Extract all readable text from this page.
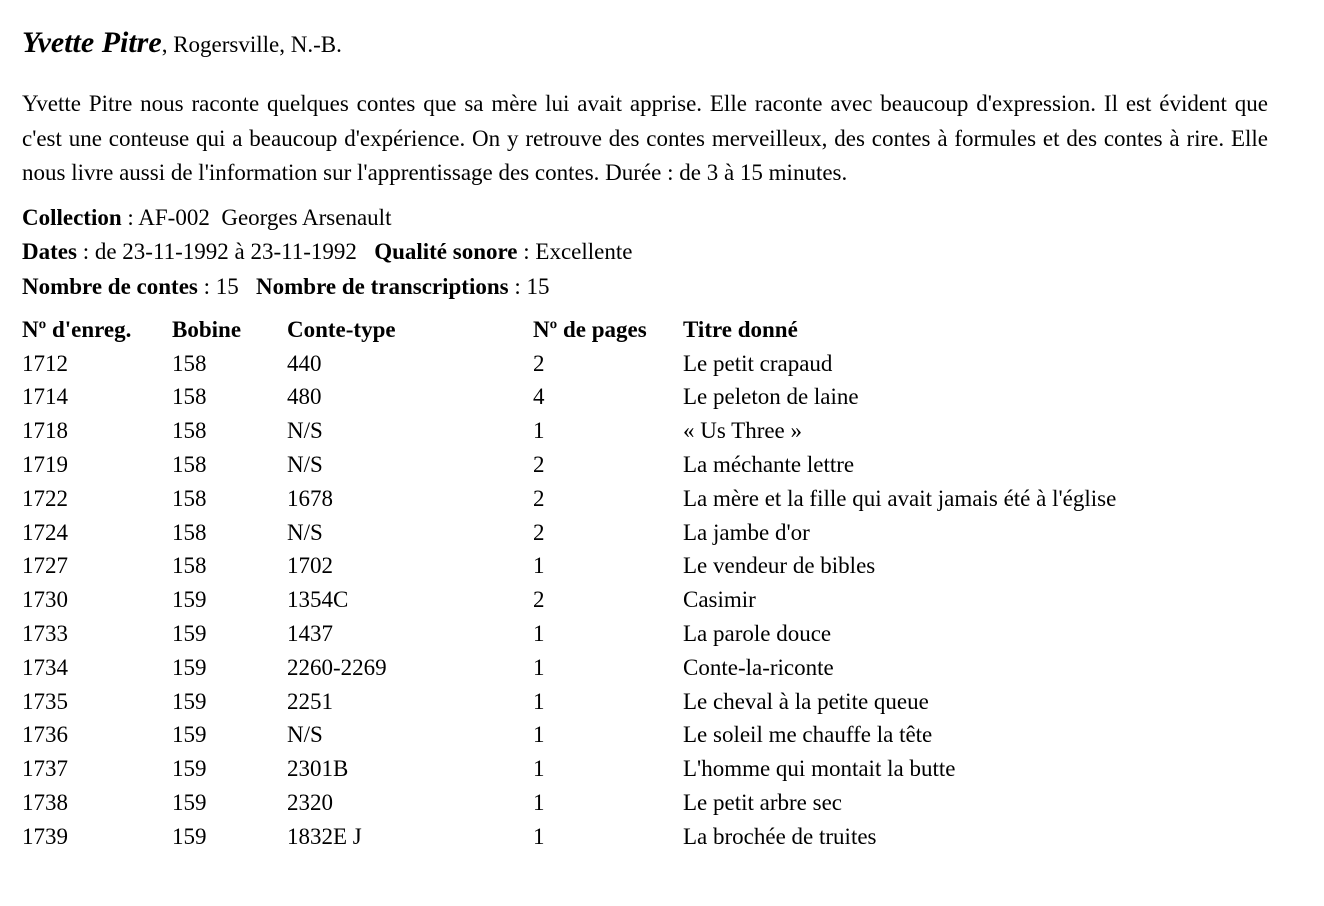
Yvette Pitre, Rogersville, N.-B.

Yvette Pitre nous raconte quelques contes que sa mère lui avait apprise. Elle raconte avec beaucoup d'expression. Il est évident que c'est une conteuse qui a beaucoup d'expérience. On y retrouve des contes merveilleux, des contes à formules et des contes à rire. Elle nous livre aussi de l'information sur l'apprentissage des contes. Durée : de 3 à 15 minutes.

Collection : AF-002  Georges Arsenault
Dates : de 23-11-1992 à 23-11-1992   Qualité sonore : Excellente
Nombre de contes : 15   Nombre de transcriptions : 15
Nº d'enreg.	Bobine	Conte-type	Nº de pages	Titre donné
1712	158	440	2	Le petit crapaud
1714	158	480	4	Le peleton de laine
1718	158	N/S	1	« Us Three »
1719	158	N/S	2	La méchante lettre
1722	158	1678	2	La mère et la fille qui avait jamais été à l'église
1724	158	N/S	2	La jambe d'or
1727	158	1702	1	Le vendeur de bibles
1730	159	1354C	2	Casimir
1733	159	1437	1	La parole douce
1734	159	2260-2269	1	Conte-la-riconte
1735	159	2251	1	Le cheval à la petite queue
1736	159	N/S	1	Le soleil me chauffe la tête
1737	159	2301B	1	L'homme qui montait la butte
1738	159	2320	1	Le petit arbre sec
1739	159	1832E J	1	La brochée de truites
